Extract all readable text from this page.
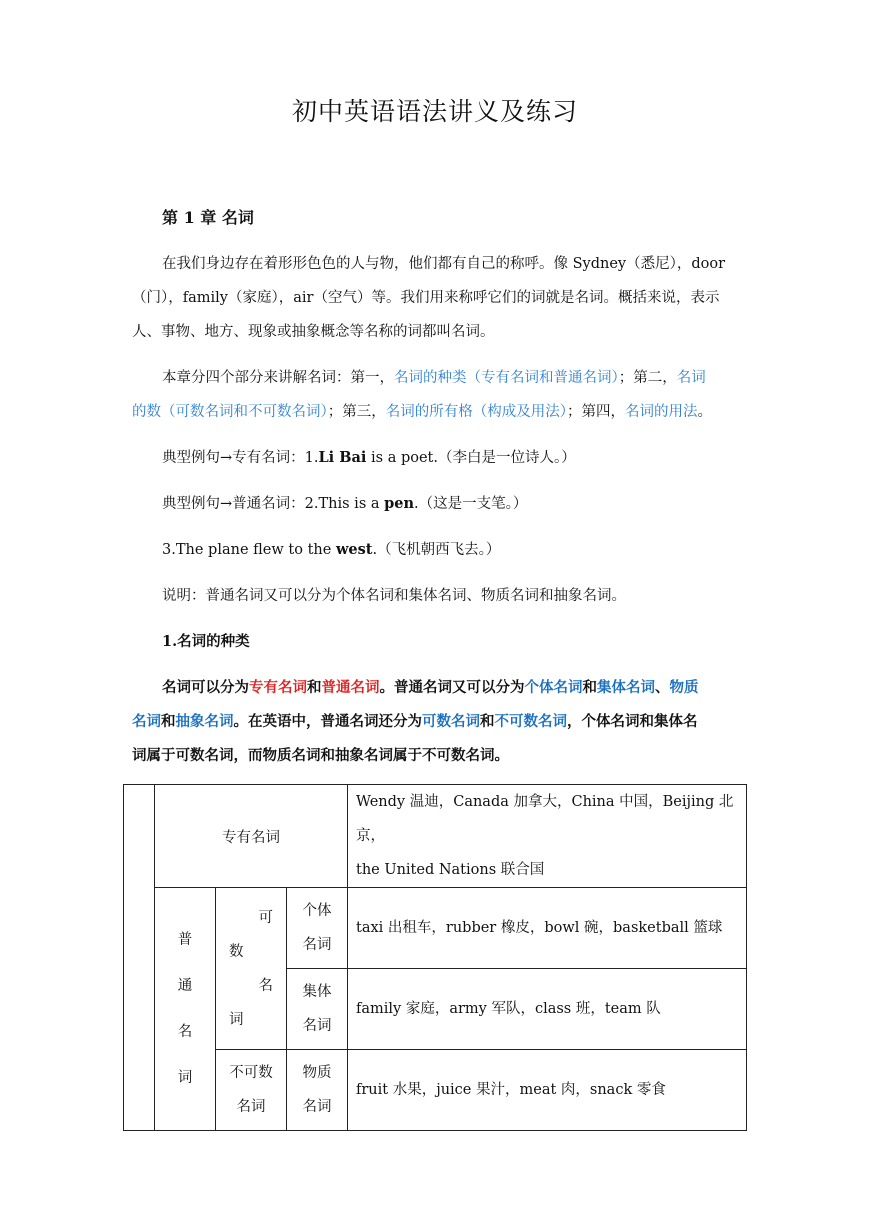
初中英语语法讲义及练习
第 1 章 名词
在我们身边存在着形形色色的人与物，他们都有自己的称呼。像 Sydney（悉尼），door
（门），family（家庭），air（空气）等。我们用来称呼它们的词就是名词。概括来说，表示
人、事物、地方、现象或抽象概念等名称的词都叫名词。
本章分四个部分来讲解名词：第一，名词的种类（专有名词和普通名词）；第二，名词
的数（可数名词和不可数名词）；第三，名词的所有格（构成及用法）；第四，名词的用法。
典型例句→专有名词：1.Li Bai is a poet.（李白是一位诗人。）
典型例句→普通名词：2.This is a pen.（这是一支笔。）
3.The plane flew to the west.（飞机朝西飞去。）
说明：普通名词又可以分为个体名词和集体名词、物质名词和抽象名词。
1.名词的种类
名词可以分为专有名词和普通名词。普通名词又可以分为个体名词和集体名词、物质
名词和抽象名词。在英语中，普通名词还分为可数名词和不可数名词，个体名词和集体名
词属于可数名词，而物质名词和抽象名词属于不可数名词。
	专有名词			Wendy 温迪，Canada 加拿大，China 中国，Beijing 北京，
the United Nations 联合国

	普
通
名
词	可
数
名
词	个体
名词	taxi 出租车，rubber 橡皮，bowl 碗，basketball 篮球

			集体
名词	family 家庭，army 军队，class 班，team 队

		不可数
名词	物质
名词	fruit 水果，juice 果汁，meat 肉，snack 零食
